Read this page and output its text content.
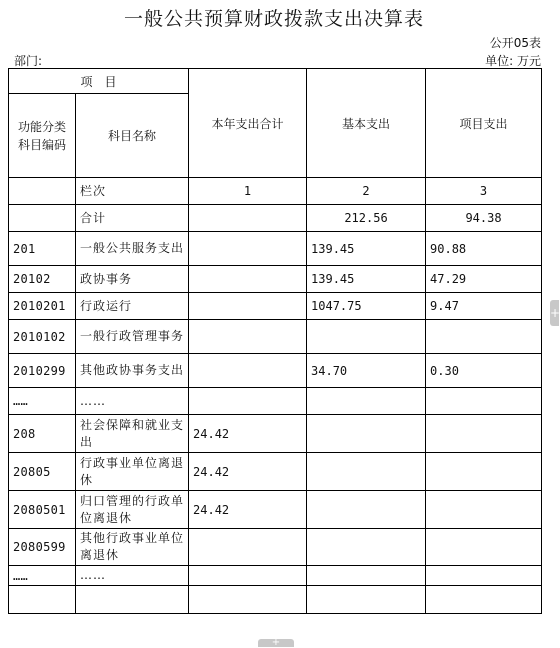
一般公共预算财政拨款支出决算表
公开05表
部门:	单位: 万元
项　目		本年支出合计	基本支出	项目支出
功能分类科目编码	科目名称			
	栏次	1	2	3
	合计		212.56	94.38
201	一般公共服务支出		139.45	90.88
20102	政协事务		139.45	47.29
2010201	行政运行		1047.75	9.47
2010102	一般行政管理事务			
2010299	其他政协事务支出		34.70	0.30
……	……			
208	社会保障和就业支出	24.42		
20805	行政事业单位离退休	24.42		
2080501	归口管理的行政单位离退休	24.42		
2080599	其他行政事业单位离退休			
……	……			

+
+
